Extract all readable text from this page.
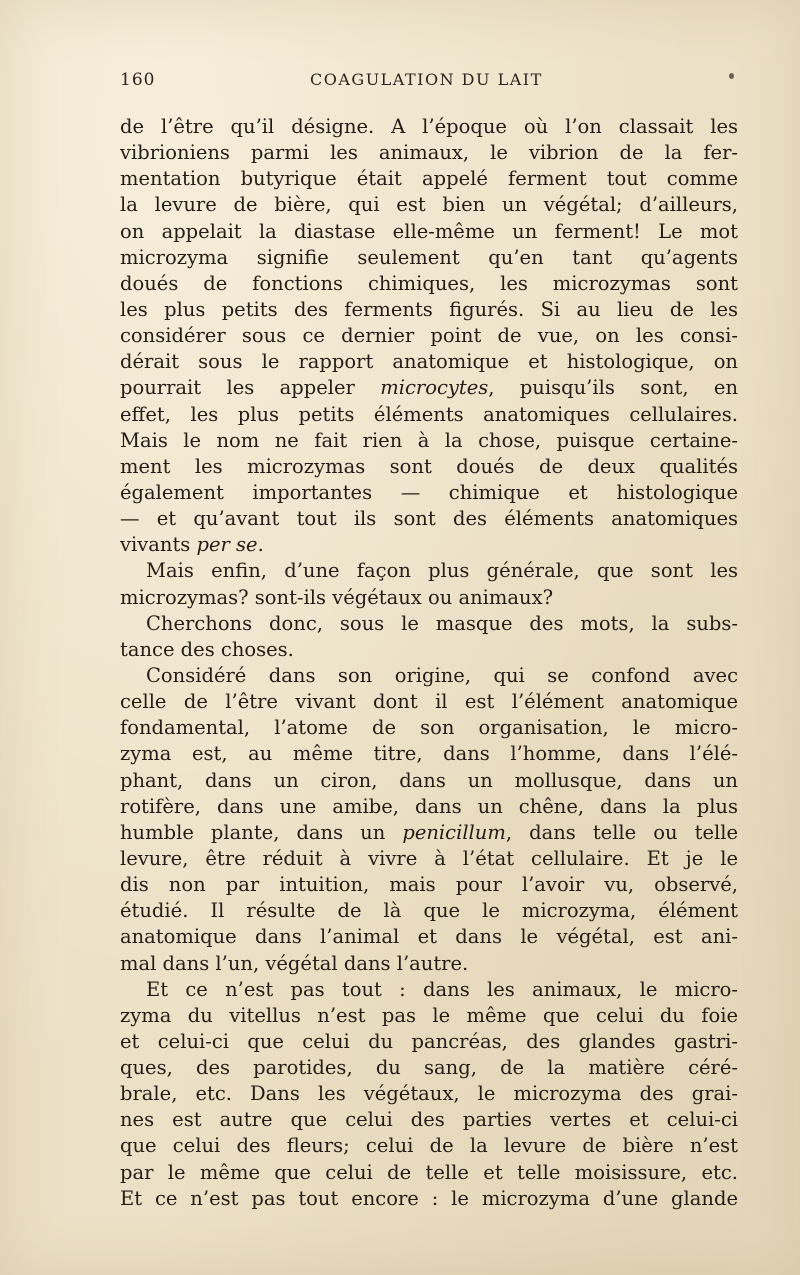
160	COAGULATION DU LAIT
de l’être qu’il désigne. A l’époque où l’on classait les
vibrioniens parmi les animaux, le vibrion de la fer-
mentation butyrique était appelé ferment tout comme
la levure de bière, qui est bien un végétal; d’ailleurs,
on appelait la diastase elle-même un ferment! Le mot
microzyma signifie seulement qu’en tant qu’agents
doués de fonctions chimiques, les microzymas sont
les plus petits des ferments figurés. Si au lieu de les
considérer sous ce dernier point de vue, on les consi-
dérait sous le rapport anatomique et histologique, on
pourrait les appeler microcytes, puisqu’ils sont, en
effet, les plus petits éléments anatomiques cellulaires.
Mais le nom ne fait rien à la chose, puisque certaine-
ment les microzymas sont doués de deux qualités
également importantes — chimique et histologique
— et qu’avant tout ils sont des éléments anatomiques
vivants per se.
Mais enfin, d’une façon plus générale, que sont les
microzymas? sont-ils végétaux ou animaux?
Cherchons donc, sous le masque des mots, la subs-
tance des choses.
Considéré dans son origine, qui se confond avec
celle de l’être vivant dont il est l’élément anatomique
fondamental, l’atome de son organisation, le micro-
zyma est, au même titre, dans l’homme, dans l’élé-
phant, dans un ciron, dans un mollusque, dans un
rotifère, dans une amibe, dans un chêne, dans la plus
humble plante, dans un penicillum, dans telle ou telle
levure, être réduit à vivre à l’état cellulaire. Et je le
dis non par intuition, mais pour l’avoir vu, observé,
étudié. Il résulte de là que le microzyma, élément
anatomique dans l’animal et dans le végétal, est ani-
mal dans l’un, végétal dans l’autre.
Et ce n’est pas tout : dans les animaux, le micro-
zyma du vitellus n’est pas le même que celui du foie
et celui-ci que celui du pancréas, des glandes gastri-
ques, des parotides, du sang, de la matière céré-
brale, etc. Dans les végétaux, le microzyma des grai-
nes est autre que celui des parties vertes et celui-ci
que celui des fleurs; celui de la levure de bière n’est
par le même que celui de telle et telle moisissure, etc.
Et ce n’est pas tout encore : le microzyma d’une glande
